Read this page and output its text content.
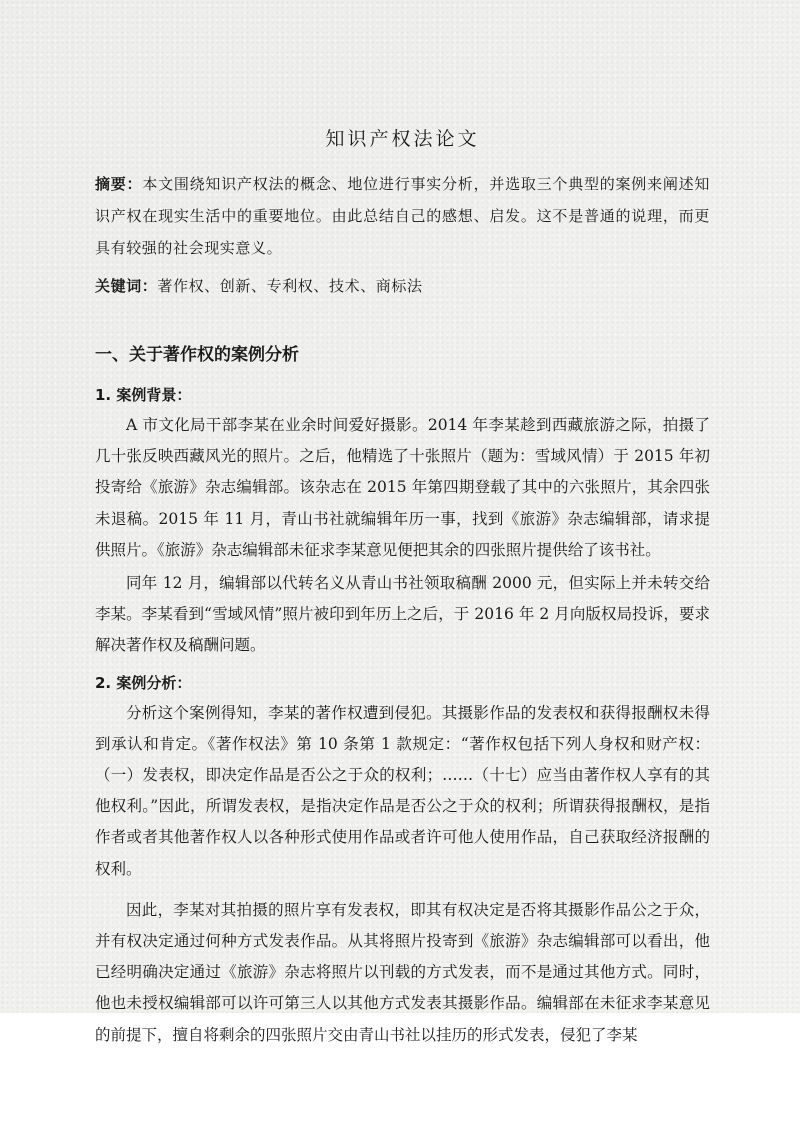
知识产权法论文

摘要：本文围绕知识产权法的概念、地位进行事实分析，并选取三个典型的案例来阐述知识产权在现实生活中的重要地位。由此总结自己的感想、启发。这不是普通的说理，而更具有较强的社会现实意义。

关键词：著作权、创新、专利权、技术、商标法

一、关于著作权的案例分析
1. 案例背景：

A 市文化局干部李某在业余时间爱好摄影。2014 年李某趁到西藏旅游之际，拍摄了几十张反映西藏风光的照片。之后，他精选了十张照片（题为：雪域风情）于 2015 年初投寄给《旅游》杂志编辑部。该杂志在 2015 年第四期登载了其中的六张照片，其余四张未退稿。2015 年 11 月，青山书社就编辑年历一事，找到《旅游》杂志编辑部，请求提供照片。《旅游》杂志编辑部未征求李某意见便把其余的四张照片提供给了该书社。

同年 12 月，编辑部以代转名义从青山书社领取稿酬 2000 元，但实际上并未转交给李某。李某看到“雪域风情”照片被印到年历上之后，于 2016 年 2 月向版权局投诉，要求解决著作权及稿酬问题。

2. 案例分析：

分析这个案例得知，李某的著作权遭到侵犯。其摄影作品的发表权和获得报酬权未得到承认和肯定。《著作权法》第 10 条第 1 款规定：“著作权包括下列人身权和财产权：（一）发表权，即决定作品是否公之于众的权利；……（十七）应当由著作权人享有的其他权利。”因此，所谓发表权，是指决定作品是否公之于众的权利；所谓获得报酬权，是指作者或者其他著作权人以各种形式使用作品或者许可他人使用作品，自己获取经济报酬的权利。

因此，李某对其拍摄的照片享有发表权，即其有权决定是否将其摄影作品公之于众，并有权决定通过何种方式发表作品。从其将照片投寄到《旅游》杂志编辑部可以看出，他已经明确决定通过《旅游》杂志将照片以刊载的方式发表，而不是通过其他方式。同时，他也未授权编辑部可以许可第三人以其他方式发表其摄影作品。编辑部在未征求李某意见的前提下，擅自将剩余的四张照片交由青山书社以挂历的形式发表，侵犯了李某
